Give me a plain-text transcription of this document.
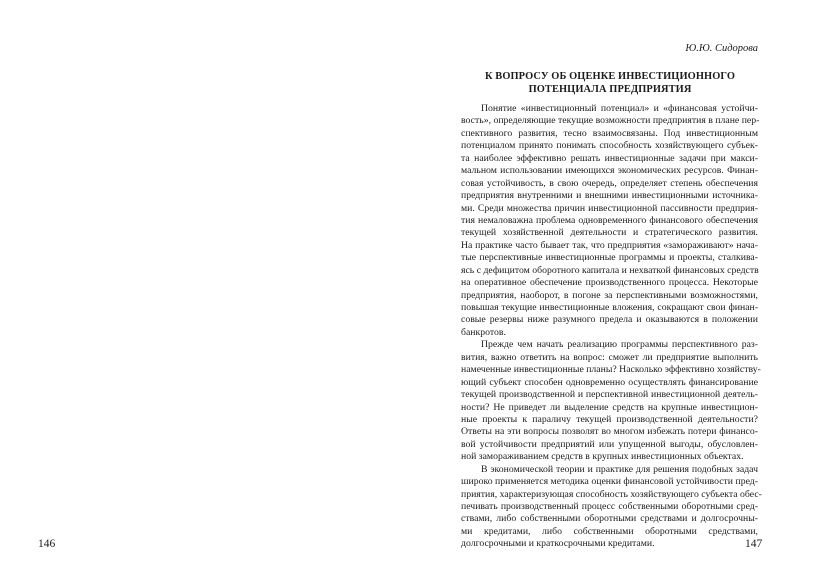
146
Ю.Ю. Сидорова
К ВОПРОСУ ОБ ОЦЕНКЕ ИНВЕСТИЦИОННОГО
ПОТЕНЦИАЛА ПРЕДПРИЯТИЯ
Понятие «инвестиционный потенциал» и «финансовая устойчи-
вость», определяющие текущие возможности предприятия в плане пер-
спективного развития, тесно взаимосвязаны. Под инвестиционным
потенциалом принято понимать способность хозяйствующего субъек-
та наиболее эффективно решать инвестиционные задачи при макси-
мальном использовании имеющихся экономических ресурсов. Финан-
совая устойчивость, в свою очередь, определяет степень обеспечения
предприятия внутренними и внешними инвестиционными источника-
ми. Среди множества причин инвестиционной пассивности предприя-
тия немаловажна проблема одновременного финансового обеспечения
текущей хозяйственной деятельности и стратегического развития.
На практике часто бывает так, что предприятия «замораживают» нача-
тые перспективные инвестиционные программы и проекты, сталкива-
ясь с дефицитом оборотного капитала и нехваткой финансовых средств
на оперативное обеспечение производственного процесса. Некоторые
предприятия, наоборот, в погоне за перспективными возможностями,
повышая текущие инвестиционные вложения, сокращают свои финан-
совые резервы ниже разумного предела и оказываются в положении
банкротов.
Прежде чем начать реализацию программы перспективного раз-
вития, важно ответить на вопрос: сможет ли предприятие выполнить
намеченные инвестиционные планы? Насколько эффективно хозяйству-
ющий субъект способен одновременно осуществлять финансирование
текущей производственной и перспективной инвестиционной деятель-
ности? Не приведет ли выделение средств на крупные инвестицион-
ные проекты к параличу текущей производственной деятельности?
Ответы на эти вопросы позволят во многом избежать потери финансо-
вой устойчивости предприятий или упущенной выгоды, обусловлен-
ной замораживанием средств в крупных инвестиционных объектах.
В экономической теории и практике для решения подобных задач
широко применяется методика оценки финансовой устойчивости пред-
приятия, характеризующая способность хозяйствующего субъекта обес-
печивать производственный процесс собственными оборотными сред-
ствами, либо собственными оборотными средствами и долгосрочны-
ми кредитами, либо собственными оборотными средствами,
долгосрочными и краткосрочными кредитами.	147
